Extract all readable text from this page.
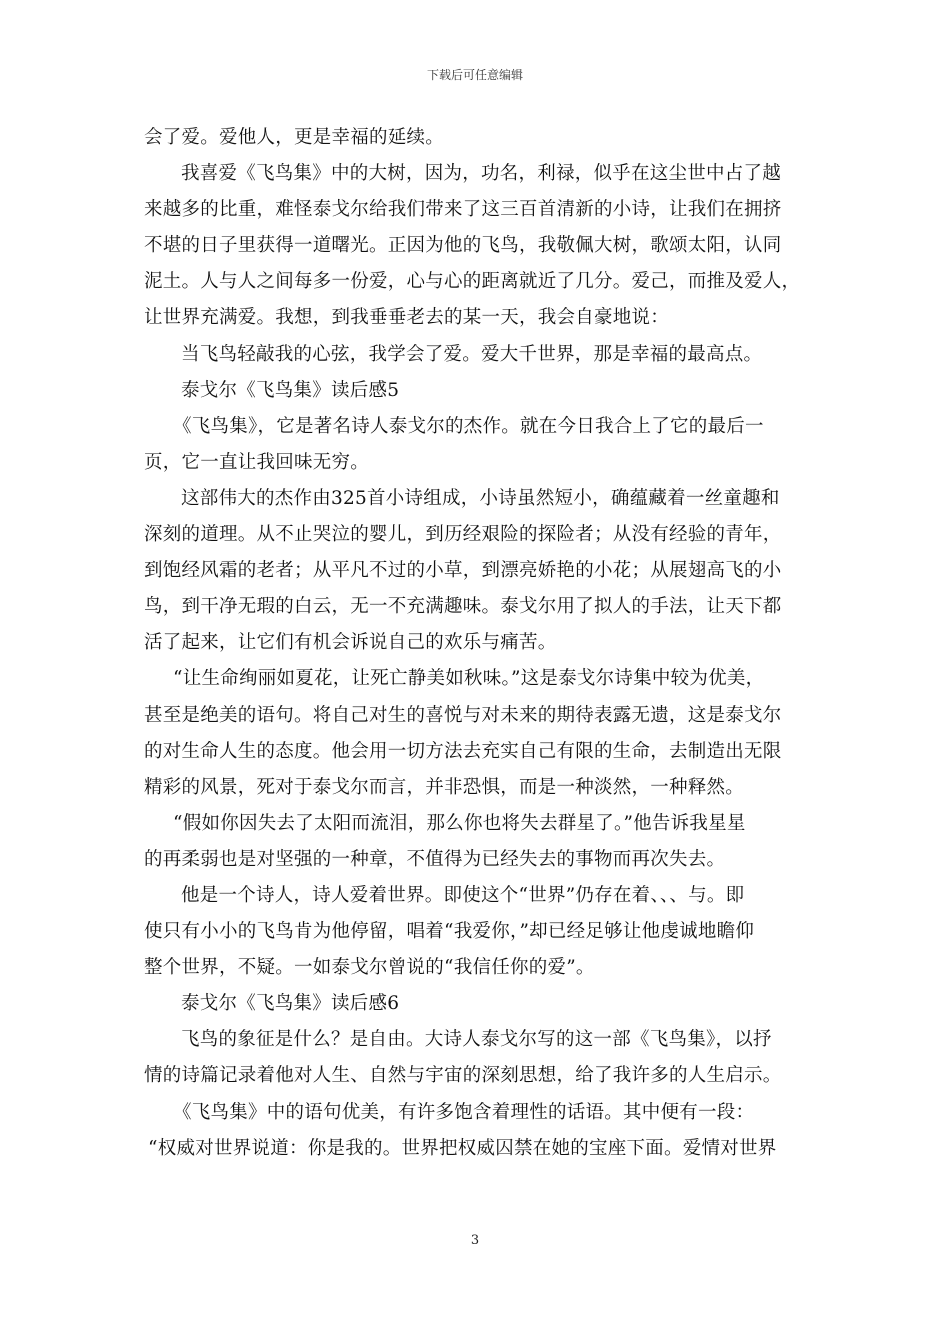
下载后可任意编辑
会了爱。爱他人，更是幸福的延续。
我喜爱《飞鸟集》中的大树，因为，功名，利禄，似乎在这尘世中占了越
来越多的比重，难怪泰戈尔给我们带来了这三百首清新的小诗，让我们在拥挤
不堪的日子里获得一道曙光。正因为他的飞鸟，我敬佩大树，歌颂太阳，认同
泥土。人与人之间每多一份爱，心与心的距离就近了几分。爱己，而推及爱人，
让世界充满爱。我想，到我垂垂老去的某一天，我会自豪地说：
当飞鸟轻敲我的心弦，我学会了爱。爱大千世界，那是幸福的最高点。
泰戈尔《飞鸟集》读后感5
《飞鸟集》，它是著名诗人泰戈尔的杰作。就在今日我合上了它的最后一
页，它一直让我回味无穷。
这部伟大的杰作由325首小诗组成，小诗虽然短小，确蕴藏着一丝童趣和
深刻的道理。从不止哭泣的婴儿，到历经艰险的探险者；从没有经验的青年，
到饱经风霜的老者；从平凡不过的小草，到漂亮娇艳的小花；从展翅高飞的小
鸟，到干净无瑕的白云，无一不充满趣味。泰戈尔用了拟人的手法，让天下都
活了起来，让它们有机会诉说自己的欢乐与痛苦。
“让生命绚丽如夏花，让死亡静美如秋味。”这是泰戈尔诗集中较为优美，
甚至是绝美的语句。将自己对生的喜悦与对未来的期待表露无遗，这是泰戈尔
的对生命人生的态度。他会用一切方法去充实自己有限的生命，去制造出无限
精彩的风景，死对于泰戈尔而言，并非恐惧，而是一种淡然，一种释然。
“假如你因失去了太阳而流泪，那么你也将失去群星了。”他告诉我星星
的再柔弱也是对坚强的一种章，不值得为已经失去的事物而再次失去。
他是一个诗人，诗人爱着世界。即使这个“世界”仍存在着、、、与。即
使只有小小的飞鸟肯为他停留，唱着“我爱你，”却已经足够让他虔诚地瞻仰
整个世界，不疑。一如泰戈尔曾说的“我信任你的爱”。
泰戈尔《飞鸟集》读后感6
飞鸟的象征是什么？是自由。大诗人泰戈尔写的这一部《飞鸟集》，以抒
情的诗篇记录着他对人生、自然与宇宙的深刻思想，给了我许多的人生启示。
《飞鸟集》中的语句优美，有许多饱含着理性的话语。其中便有一段：
“权威对世界说道：你是我的。世界把权威囚禁在她的宝座下面。爱情对世界
3
